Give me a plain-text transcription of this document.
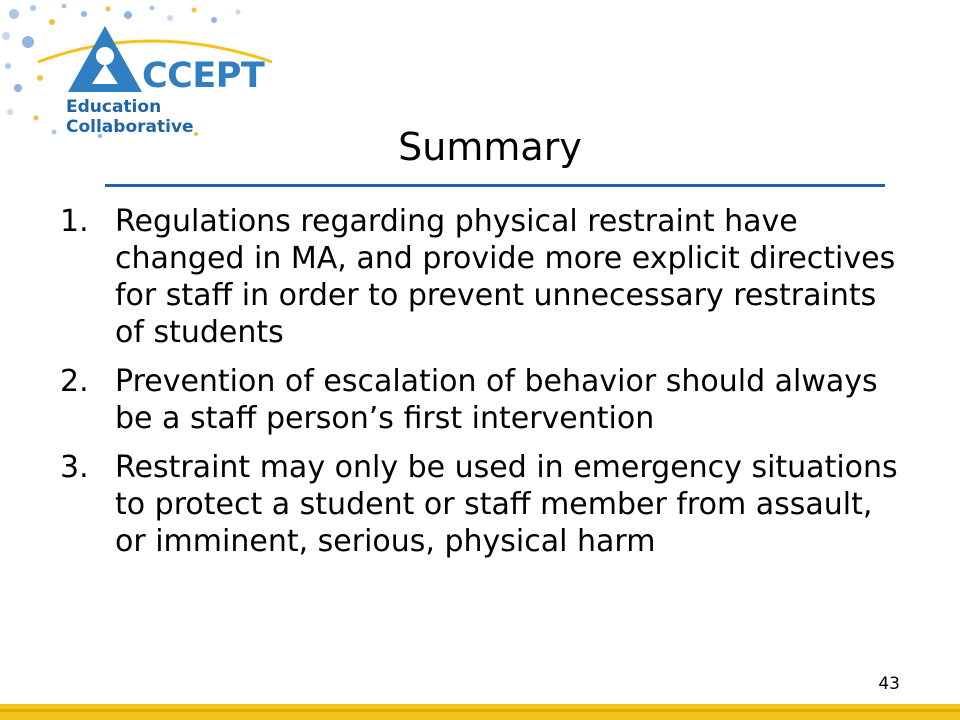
CCEPT
Education Collaborative	Summary
1. Regulations regarding physical restraint have changed in MA, and provide more explicit directives for staff in order to prevent unnecessary restraints of students
2. Prevention of escalation of behavior should always be a staff person’s first intervention
3. Restraint may only be used in emergency situations to protect a student or staff member from assault, or imminent, serious, physical harm
43
